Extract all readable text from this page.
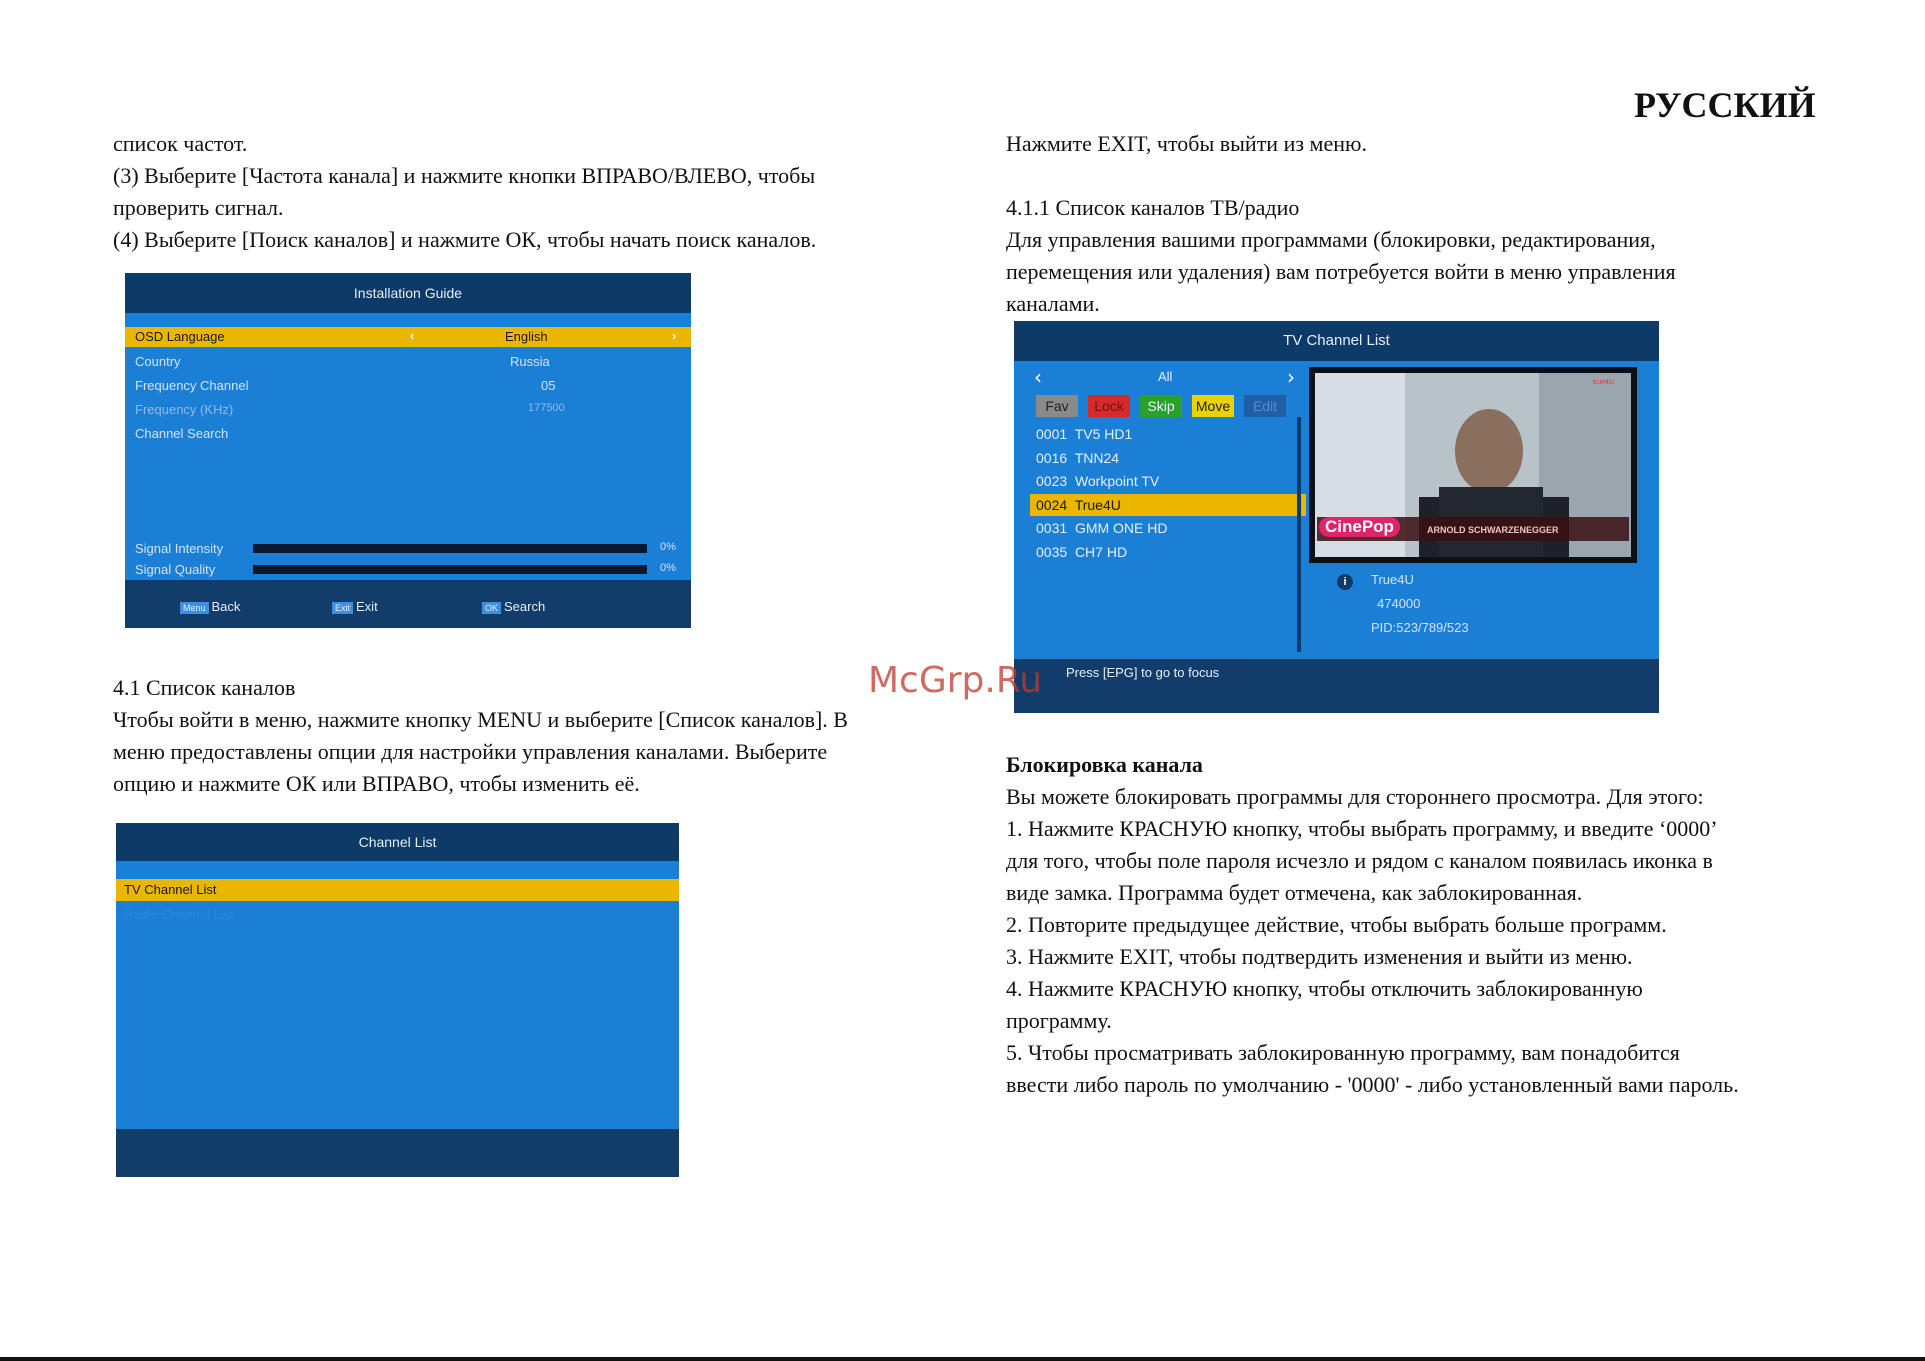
РУССКИЙ

список частот.

(3) Выберите [Частота канала] и нажмите кнопки ВПРАВО/ВЛЕВО, чтобы

проверить сигнал.

(4) Выберите [Поиск каналов] и нажмите ОК, чтобы начать поиск каналов.

Installation Guide
OSD Language	‹	English	›
Country	Russia
Frequency Channel	05
Frequency (KHz)	177500
Channel Search
Signal Intensity	0%
Signal Quality	0%
Menu Back	Exit Exit	OK Search

4.1 Список каналов

Чтобы войти в меню, нажмите кнопку MENU и выберите [Список каналов]. В

меню предоставлены опции для настройки управления каналами. Выберите

опцию и нажмите ОК или ВПРАВО, чтобы изменить её.

Channel List
TV Channel List
Radio Channel List

Нажмите EXIT, чтобы выйти из меню.

4.1.1 Список каналов ТВ/радио

Для управления вашими программами (блокировки, редактирования,

перемещения или удаления) вам потребуется войти в меню управления

каналами.

TV Channel List
‹	All	›
Fav	Lock	Skip	Move	Edit
0001 TV5 HD1
0016 TNN24
0023 Workpoint TV
0024 True4U
0031 GMM ONE HD
0035 CH7 HD
CinePop	ARNOLD SCHWARZENEGGER
true4U
i	True4U
474000
PID:523/789/523
Press [EPG] to go to focus
McGrp.Ru

Блокировка канала

Вы можете блокировать программы для стороннего просмотра. Для этого:

1. Нажмите КРАСНУЮ кнопку, чтобы выбрать программу, и введите ‘0000’

для того, чтобы поле пароля исчезло и рядом с каналом появилась иконка в

виде замка. Программа будет отмечена, как заблокированная.

2. Повторите предыдущее действие, чтобы выбрать больше программ.

3. Нажмите EXIT, чтобы подтвердить изменения и выйти из меню.

4. Нажмите КРАСНУЮ кнопку, чтобы отключить заблокированную

программу.

5. Чтобы просматривать заблокированную программу, вам понадобится

ввести либо пароль по умолчанию - '0000' - либо установленный вами пароль.
